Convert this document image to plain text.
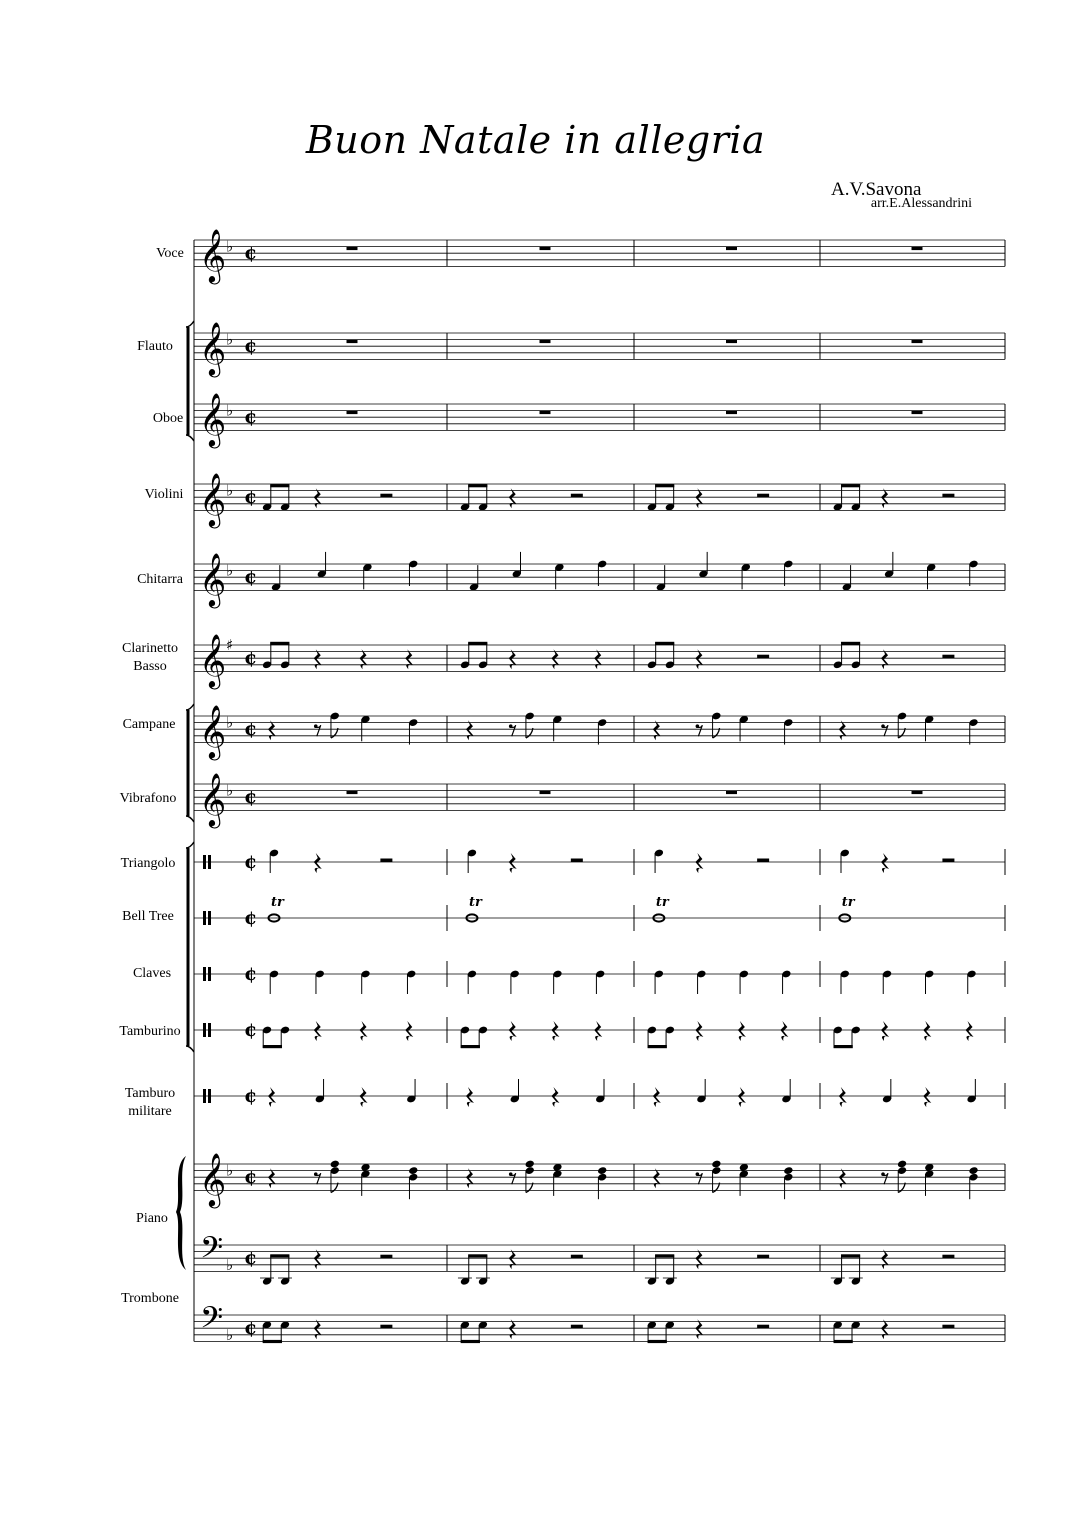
Buon Natale in allegria
A.V.Savona
arr.E.Alessandrini
Voce
Flauto
Oboe
Violini
Chitarra
Clarinetto
Basso
Campane
Vibrafono
Triangolo
Bell Tree
Claves
Tamburino
Tamburo
militare
Piano
Trombone
𝄞 ♭ ¢
𝄞 ♭ ¢
𝄞 ♭ ¢
𝄞 ♭ ¢
𝄞 ♭ ¢
𝄞 ♯
¢
𝄞 ♭ ¢
𝄞 ♭ ¢
¢
¢
¢
¢
¢
𝄞 ♭ ¢
𝄢 ♭ ¢
𝄢 ♭ ¢
tr	tr	tr	tr
